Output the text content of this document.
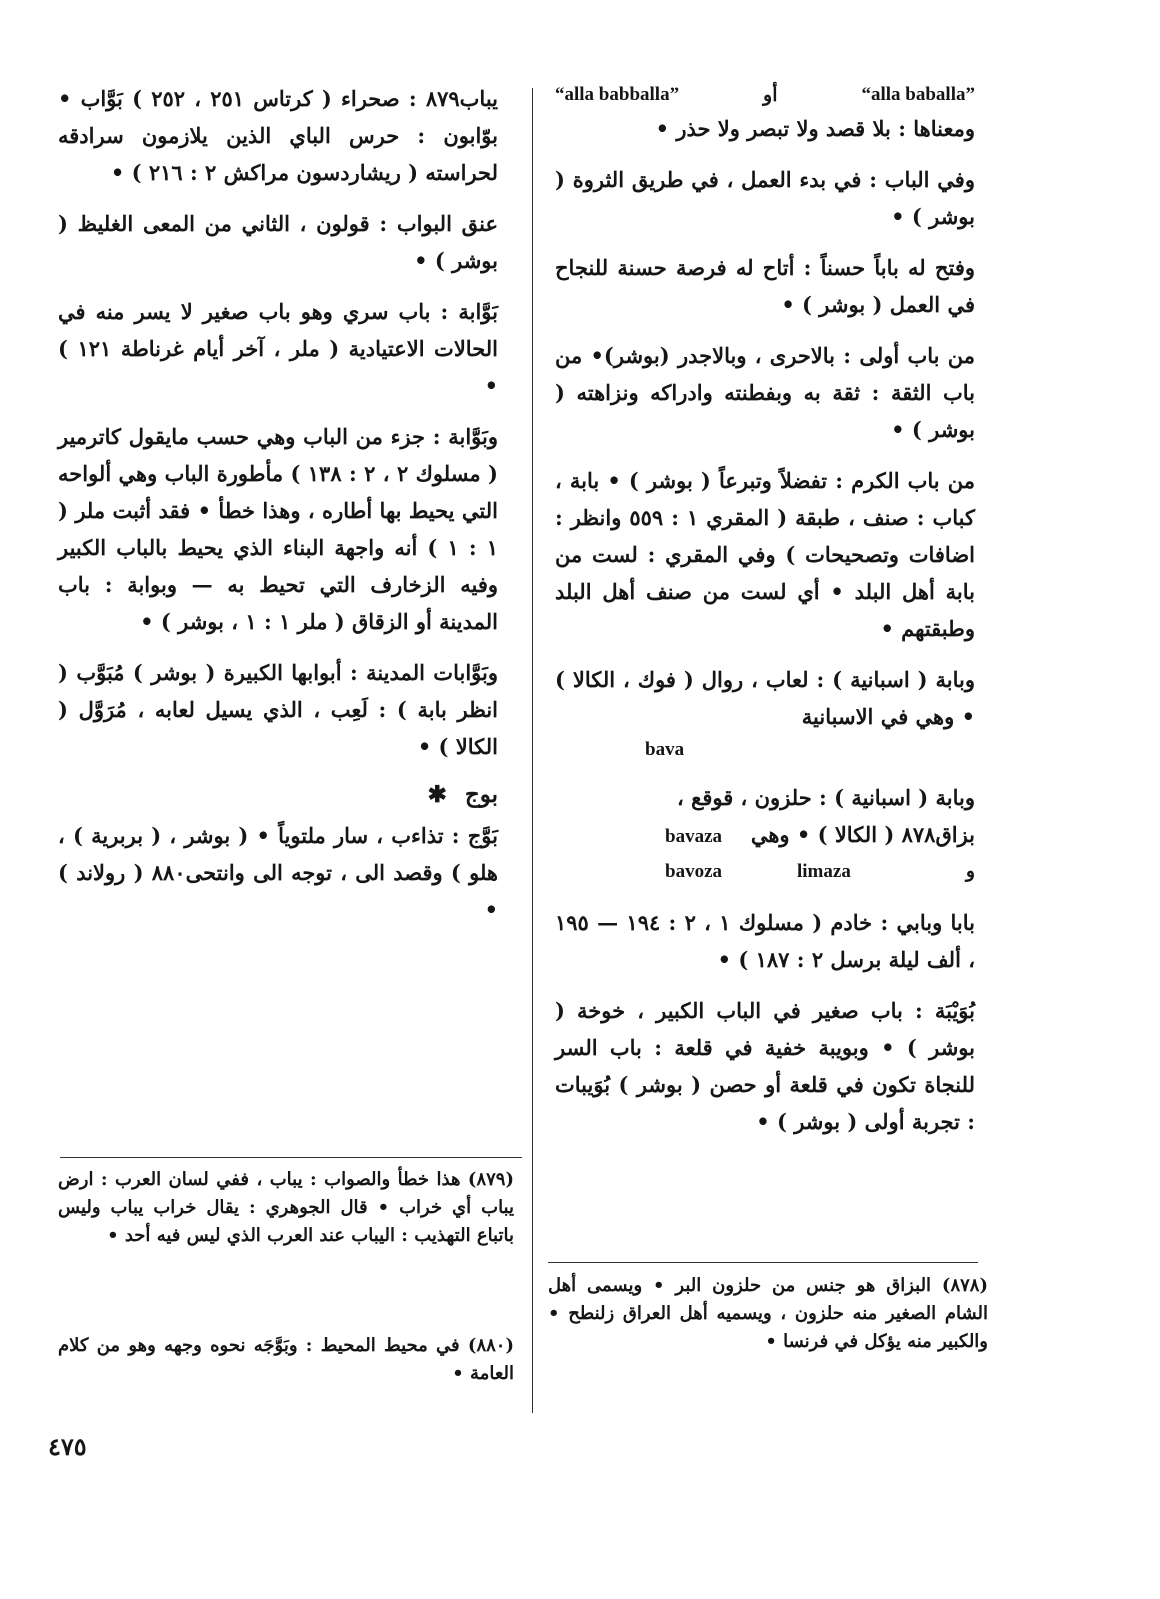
“alla babballa”	أو	“alla baballa”

ومعناها : بلا قصد ولا تبصر ولا حذر •

وفي الباب : في بدء العمل ، في طريق الثروة ( بوشر ) •

وفتح له باباً حسناً : أتاح له فرصة حسنة للنجاح في العمل ( بوشر ) •

من باب أولى : بالاحرى ، وبالاجدر (بوشر)• من باب الثقة : ثقة به وبفطنته وادراكه ونزاهته ( بوشر ) •

من باب الكرم : تفضلاً وتبرعاً ( بوشر ) • بابة ، كباب : صنف ، طبقة ( المقري ١ : ٥٥٩ وانظر : اضافات وتصحيحات ) وفي المقري : لست من بابة أهل البلد • أي لست من صنف أهل البلد وطبقتهم •

وبابة ( اسبانية ) : لعاب ، روال ( فوك ، الكالا ) • وهي في الاسبانية

bava

وبابة ( اسبانية ) : حلزون ، قوقع ،

بزاق٨٧٨ ( الكالا ) • وهي
bavaza
و
limaza
bavoza

بابا وبابي : خادم ( مسلوك ١ ، ٢ : ١٩٤ — ١٩٥ ، ألف ليلة برسل ٢ : ١٨٧ ) •

بُوَيْبَة : باب صغير في الباب الكبير ، خوخة ( بوشر ) • وبويبة خفية في قلعة : باب السر للنجاة تكون في قلعة أو حصن ( بوشر ) بُوَيبات : تجربة أولى ( بوشر ) •

(٨٧٨) البزاق هو جنس من حلزون البر • ويسمى أهل الشام الصغير منه حلزون ، ويسميه أهل العراق زلنطح • والكبير منه يؤكل في فرنسا •

يباب٨٧٩ : صحراء ( كرتاس ٢٥١ ، ٢٥٢ ) بَوَّاب • بوّابون : حرس الباي الذين يلازمون سرادقه لحراسته ( ريشاردسون مراكش ٢ : ٢١٦ ) •

عنق البواب : قولون ، الثاني من المعى الغليظ ( بوشر ) •

بَوَّابة : باب سري وهو باب صغير لا يسر منه في الحالات الاعتيادية ( ملر ، آخر أيام غرناطة ١٢١ ) •

وبَوَّابة : جزء من الباب وهي حسب مايقول كاترمير ( مسلوك ٢ ، ٢ : ١٣٨ ) مأطورة الباب وهي ألواحه التي يحيط بها أطاره ، وهذا خطأ • فقد أثبت ملر ( ١ : ١ ) أنه واجهة البناء الذي يحيط بالباب الكبير وفيه الزخارف التي تحيط به — وبوابة : باب المدينة أو الزقاق ( ملر ١ : ١ ، بوشر ) •

وبَوَّابات المدينة : أبوابها الكبيرة ( بوشر ) مُبَوَّب ( انظر بابة ) : لَعِب ، الذي يسيل لعابه ، مُرَوَّل ( الكالا ) •

بوج ✱

بَوَّج : تذاءب ، سار ملتوياً • ( بوشر ، ( بربرية ) ، هلو ) وقصد الى ، توجه الى وانتحى٨٨٠ ( رولاند ) •

(٨٧٩) هذا خطأ والصواب : يباب ، ففي لسان العرب : ارض يباب أي خراب • قال الجوهري : يقال خراب يباب وليس باتباع التهذيب : اليباب عند العرب الذي ليس فيه أحد •

(٨٨٠) في محيط المحيط : وبَوَّجَه نحوه وجهه وهو من كلام العامة •

٤٧٥
